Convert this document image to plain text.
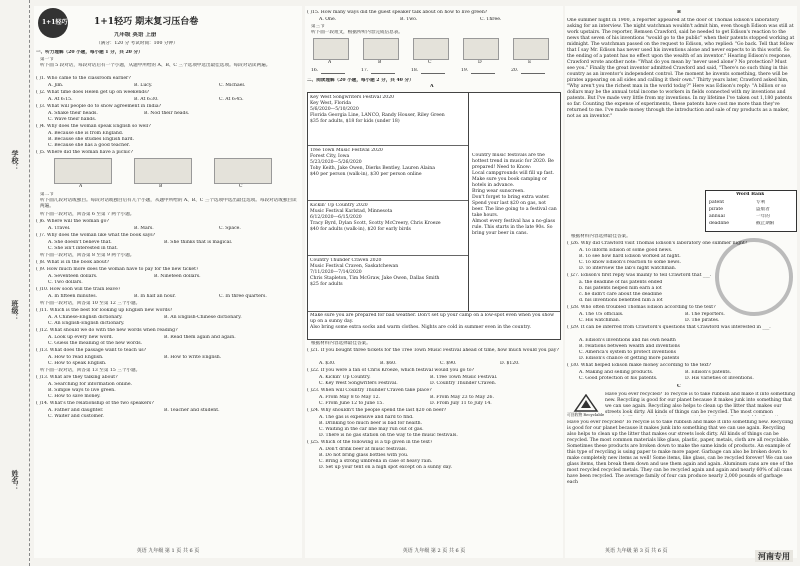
学校：
班级：
姓名：
1+1轻巧	1+1轻巧 期末复习压台卷
九年级 英语 上册
（满分：120 分 考试时间：100 分钟）
一、听力理解（20 小题，每小题 1 分，共 20 分）
第一节
听下面 5 段对话，每段对话后有一个小题，从题中所给的 A、B、C 三个选项中选出最佳选项。每段对话读两遍。
( )1. Who came to the classroom earlier?
A. Jim.	B. Lucy.	C. Michael.
( )2. What time does Helen get up on weekends?
A. At 6:15.	B. At 6:30.	C. At 6:45.
( )3. What will people do to show agreement in India?
A. Shake their heads.	B. Nod their heads.
C. Wave their hands.
( )4. Why does the woman speak English so well?
A. Because she is from England.
B. Because she studies English hard.
C. Because she has a good teacher.
( )5. Where did the woman have a picnic?
A	B	C
第二节
听下面几段对话或独白。每段对话或独白后有几个小题，从题中所给的 A、B、C 三个选项中选出最佳选项。每段对话或独白读两遍。
听下面一段对话，回答第 6 至第 7 两个小题。
( )6. Where will the woman go?
A. Travel.	B. Mars.	C. Space.
( )7. Why does the woman like what the book says?
A. She doesn't believe that.	B. She thinks that is magical.
C. She isn't interested in that.
听下面一段对话，回答第 8 至第 9 两个小题。
( )8. What is in the book about?
( )9. How much more does the woman have to pay for the new ticket?
A. Seventeen dollars.	B. Nineteen dollars.
C. Two dollars.
( )10. How soon will the train leave?
A. In fifteen minutes.	B. In half an hour.	C. In three quarters.
听下面一段对话，回答第 10 至第 12 三个小题。
( )11. Which is the best for looking up English new words?
A. A Chinese-English dictionary.	B. An English-Chinese dictionary.
C. An English-English dictionary.
( )12. What should we do with the new words when reading?
A. Look up every new word.	B. Read them again and again.
C. Guess the meaning of the new words.
( )13. What does the passage want to teach us?
A. How to read English.	B. How to write English.
C. How to speak English.
听下面一段对话，回答第 13 至第 15 三个小题。
( )13. What are they talking about?
A. Searching for information online.
B. Simple ways to live green.
C. How to save money.
( )14. What's the relationship of the two speakers?
A. Father and daughter.	B. Teacher and student.
C. Waiter and customer.
英语 九年级 第 1 页 共 6 页
( )15. How many ways did the guest speaker talk about on how to live green?
A. One.	B. Two.	C. Three.
第三节
听下面一段短文，根据所听内容完成信息表。
A	B	C	D	E
16.	17.	18.	19.	20.
二、阅读理解（20 小题，每小题 2 分，共 40 分）
A
Key West Songwriters Festival 2020
Key West, Florida
5/6/2020—5/10/2020
Florida Georgia Line, LANCO, Randy Houser, Riley Green
$35 for adults, $18 for kids (under 18)
Tree Town Music Festival 2020
Forest City, Iowa
5/23/2020—5/26/2020
Toby Keith, Jake Owen, Dierks Bentley, Lauren Alaina
$40 per person (walk-in), $30 per person online
Kickin' Up Country 2020
Music Festival Karlstad, Minnesota
6/12/2020—6/15/2020
Tracy Byrd, Dylan Scott, Scotty McCreery, Chris Kroeze
$40 for adults (walk-in), $20 for early birds
Country Thunder Craven 2020
Music Festival Craven, Saskatchewan
7/11/2020—7/14/2020
Chris Stapleton, Tim McGraw, Jake Owen, Dallas Smith
$25 for adults
Country music festivals are the hottest trend in music for 2020. Be prepared! Need to Know:
Local campgrounds will fill up fast. Make sure you book camping or hotels in advance.
Bring wear sunscreen.
Don't forget to bring extra water.
Spend your last $20 on gas, not beer. The line going to a festival can take hours.
Almost every festival has a no-glass rule. This starts in the late 90s. So bring your beer in cans.
Make sure you are prepared for bad weather. Don't set up your camp on a low-spot even when you show up on a sunny day.
Also bring some extra socks and warm clothes. Nights are cold in summer even in the country.
根据材料内容选择最佳答案。
( )21. If you bought three tickets for the Tree Town Music Festival ahead of time, how much would you pay?
A. $30.	B. $60.	C. $90.	D. $120.
( )22. If you were a fan of Chris Kroeze, which festival would you go to?
A. Kickin' Up Country.	B. Tree Town Music Festival.
C. Key West Songwriters Festival.	D. Country Thunder Craven.
( )23. When will Country Thunder Craven take place?
A. From May 8 to May 12.	B. From May 23 to May 26.
C. From June 12 to June 15.	D. From July 11 to July 14.
( )24. Why shouldn't the people spend the last $20 on beer?
A. The gas is expensive and hard to find.
B. Drinking too much beer is bad for health.
C. Waiting in the car line may run out of gas.
D. There is no gas station on the way to the music festivals.
( )25. Which of the following is a tip given in the text?
A. Don't drink beer at music festivals.
B. Do not bring glass bottles with you.
C. Bring a strong umbrella in case of heavy rain.
D. Set up your tent on a high spot except on a sunny day.
英语 九年级 第 2 页 共 6 页
B
One summer night in 1900, a reporter appeared at the door of Thomas Edison's laboratory asking for an interview. The night watchman wouldn't admit him, even though Edison was still at work upstairs. The reporter, Remsen Crawford, said he needed to get Edison's reaction to the news that seven of his inventions "would go to the public" when their patents stopped working at midnight. The watchman passed on the request to Edison, who replied: "Go back. Tell that fellow that I say Mr. Edison has never used his inventions alone and never expects to in this world. So the ending of a patent has no effect upon the wealth of an inventor." Hearing Edison's response, Crawford wrote another note: "What do you mean by 'never used alone'? No protection? Must see you." Finally the great inventor admitted Crawford and said, "There's no such thing in this country as an inventor's independent control. The moment he invents something, there will be pirates appearing on all sides and calling it their own." Thirty years later, Crawford asked him, "Why aren't you the richest man in the world today?" Here was Edison's reply: "A billion or so dollars may be the annual total income to workers in fields connected with my inventions and patents. But I've made very little from my inventions. In my lifetime I've taken out 1,180 patents so far. Counting the expense of experiments, these patents have cost me more than they've returned to me. I've made money through the introduction and sale of my products as a maker, not as an inventor."
Word Bank
patent	专利
pirate	盗版者
annual	一年的
deadline	截止期限
根据材料内容选择最佳答案。
( )26. Why did Crawford visit Thomas Edison's laboratory one summer night?
A. To inform Edison of some good news.
B. To see how hard Edison worked at night.
C. To know Edison's reaction to some news.
D. To interview the lab's night watchman.
( )27. Edison's first reply was mainly to tell Crawford that ___.
a. the deadline of his patents ended
b. his patents helped him earn a lot
c. he didn't care about the deadline
d. his inventions benefited him a lot
( )28. Who often troubled Thomas Edison according to the text?
A. The US officials.	B. The reporters.
C. His watchman.	D. The pirates.
( )29. It can be inferred from Crawford's questions that Crawford was interested in ___.
A. Edison's inventions and his own health
B. relations between wealth and inventions
C. America's system to protect inventions
D. Edison's chance of getting more patents
( )30. What helped Edison make money according to the text?
A. Making and selling products.	B. Edison's patents.
C. Good protection of his patents.	D. His varieties of inventions.
C
可回收物 Recyclable
Have you ever recycled? To recycle is to take rubbish and make it into something new. Recycling is good for our planet because it makes junk into something that we can use again. Recycling also helps to clean up the litter that makes our streets look dirty. All kinds of things can be recycled. The most common
Have you ever recycled? To recycle is to take rubbish and make it into something new. Recycling is good for our planet because it makes junk into something that we can use again. Recycling also helps to clean up the litter that makes our streets look dirty. All kinds of things can be recycled. The most common materials like glass, plastic, paper, metals, cloth are all recyclable. Sometimes these products are broken down to make the same kinds of products. An example of this type of recycling is using paper to make more paper. Garbage can also be broken down to make completely new items as well! Some items, like glass, can be recycled forever! We can use glass items, then break them down and use them again and again. Aluminum cans are one of the most recycled recycled metals. They can be recycled again and again and nearly 60% of all cans have been recycled. The average family of four can produce nearly 2,000 pounds of garbage each
英语 九年级 第 3 页 共 6 页	河南专用
